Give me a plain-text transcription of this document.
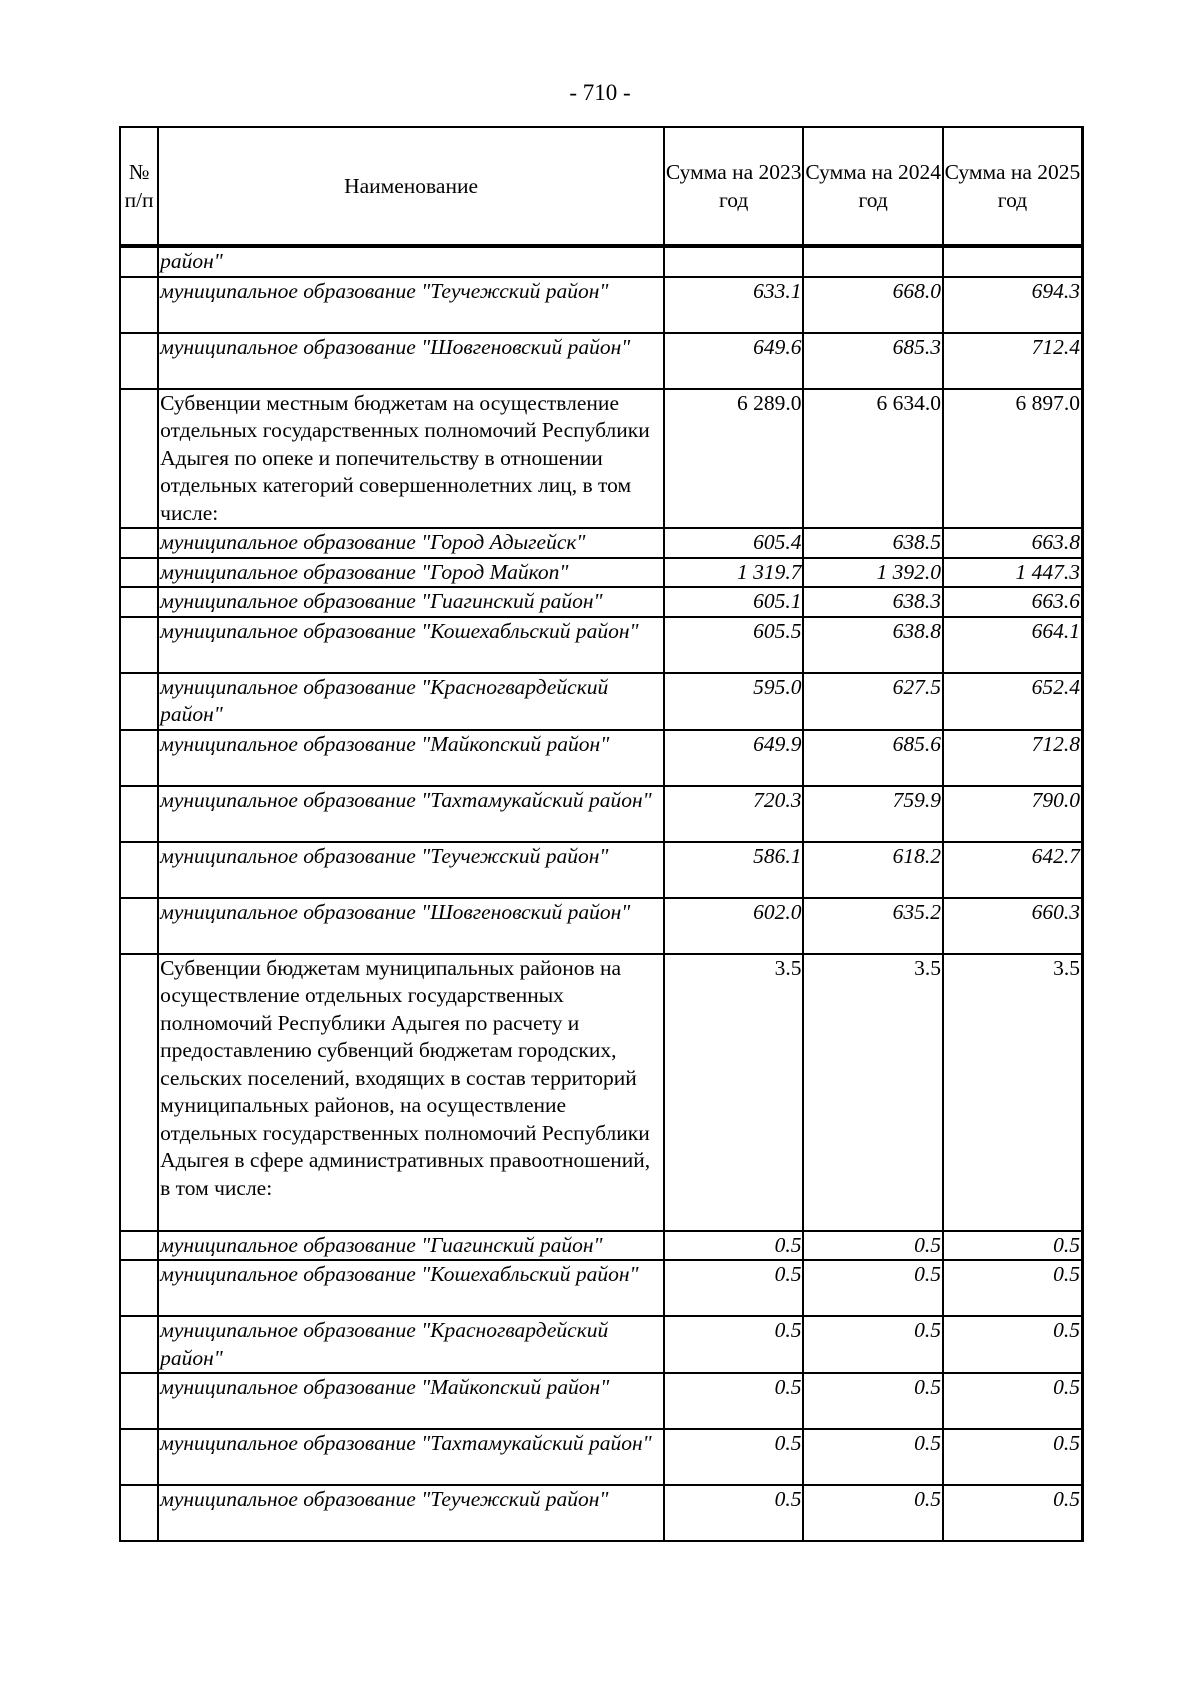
- 710 -
№ п/п	Наименование	Сумма на 2023 год	Сумма на 2024 год	Сумма на 2025 год
	район"			
	муниципальное образование "Теучежский район"	633.1	668.0	694.3
	муниципальное образование "Шовгеновский район"	649.6	685.3	712.4
	Субвенции местным бюджетам на осуществление отдельных государственных полномочий Республики Адыгея по опеке и попечительству в отношении отдельных категорий совершеннолетних лиц, в том числе:	6 289.0	6 634.0	6 897.0
	муниципальное образование "Город Адыгейск"	605.4	638.5	663.8
	муниципальное образование "Город Майкоп"	1 319.7	1 392.0	1 447.3
	муниципальное образование "Гиагинский район"	605.1	638.3	663.6
	муниципальное образование "Кошехабльский район"	605.5	638.8	664.1
	муниципальное образование "Красногвардейский район"	595.0	627.5	652.4
	муниципальное образование "Майкопский район"	649.9	685.6	712.8
	муниципальное образование "Тахтамукайский район"	720.3	759.9	790.0
	муниципальное образование "Теучежский район"	586.1	618.2	642.7
	муниципальное образование "Шовгеновский район"	602.0	635.2	660.3
	Субвенции бюджетам муниципальных районов на осуществление отдельных государственных полномочий Республики Адыгея по расчету и предоставлению субвенций бюджетам городских, сельских поселений, входящих в состав территорий муниципальных районов, на осуществление отдельных государственных полномочий Республики Адыгея в сфере административных правоотношений, в том числе:	3.5	3.5	3.5
	муниципальное образование "Гиагинский район"	0.5	0.5	0.5
	муниципальное образование "Кошехабльский район"	0.5	0.5	0.5
	муниципальное образование "Красногвардейский район"	0.5	0.5	0.5
	муниципальное образование "Майкопский район"	0.5	0.5	0.5
	муниципальное образование "Тахтамукайский район"	0.5	0.5	0.5
	муниципальное образование "Теучежский район"	0.5	0.5	0.5
